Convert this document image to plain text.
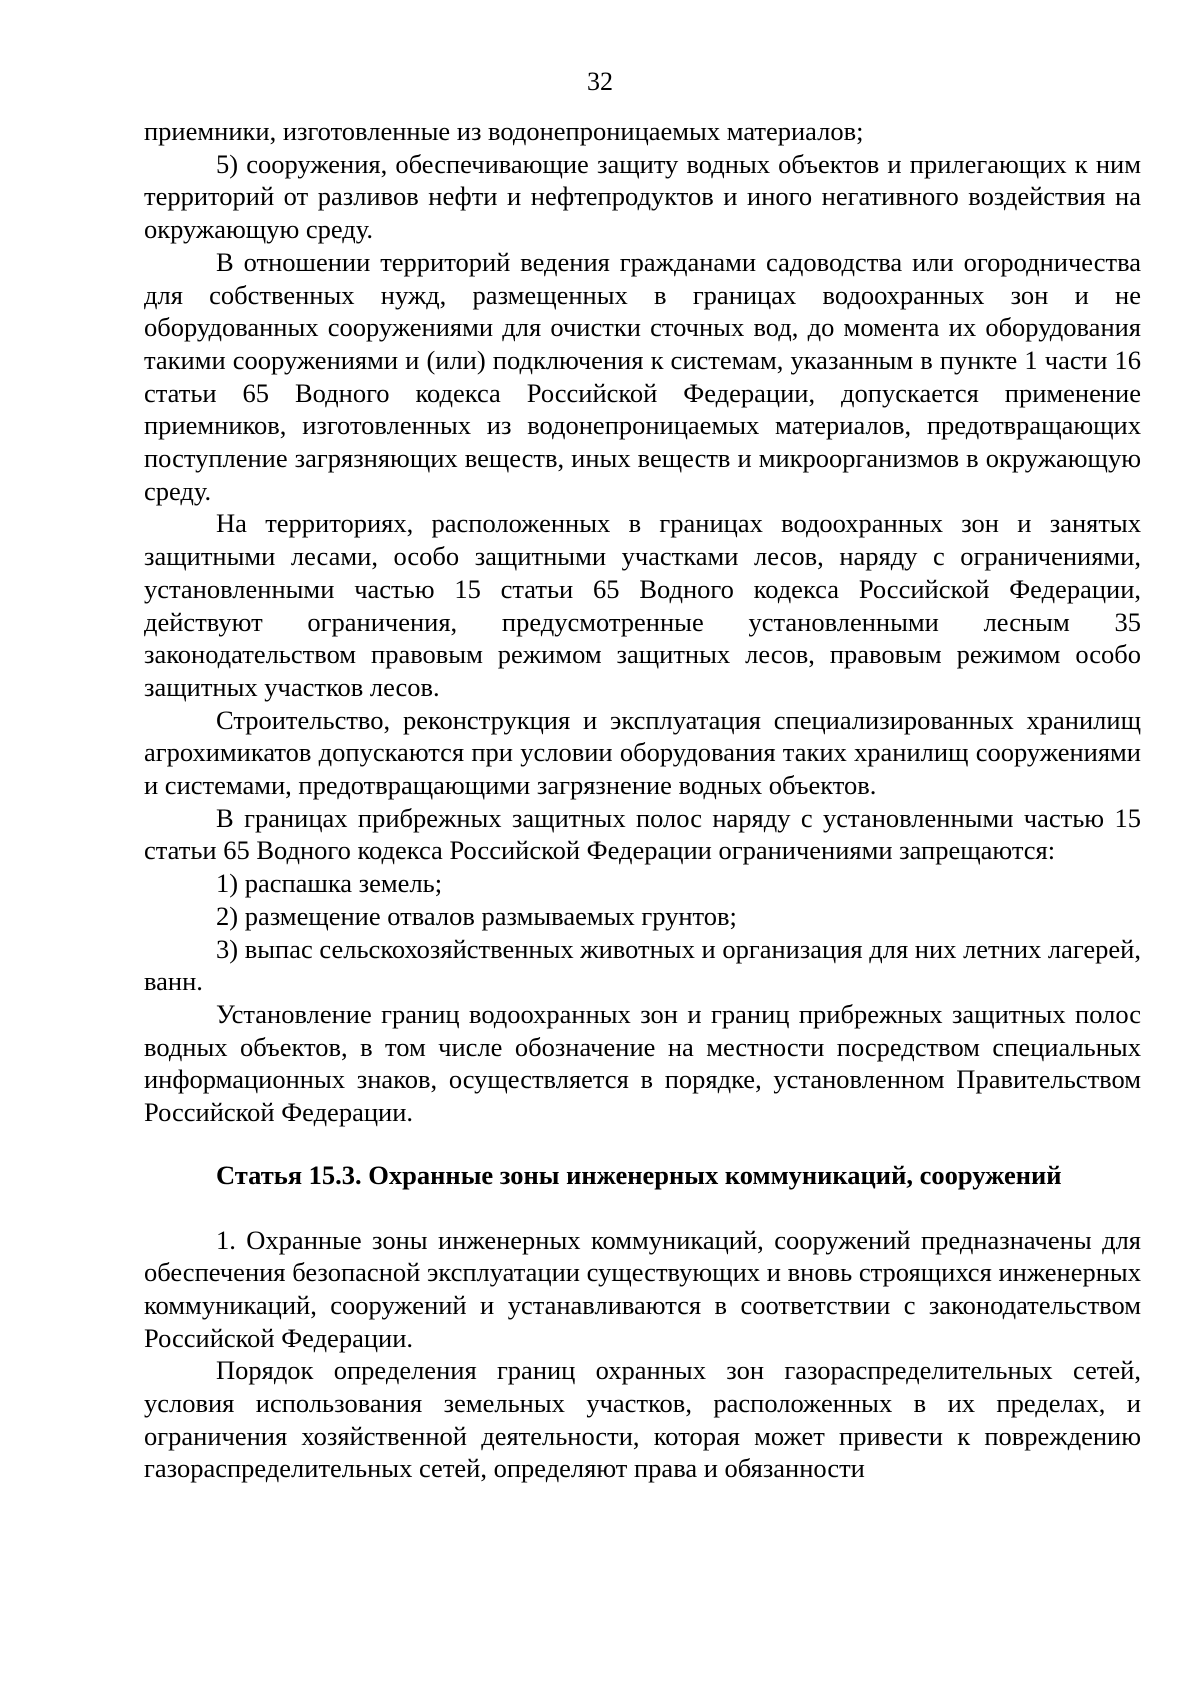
32

приемники, изготовленные из водонепроницаемых материалов;

5) сооружения, обеспечивающие защиту водных объектов и прилегающих к ним территорий от разливов нефти и нефтепродуктов и иного негативного воздействия на окружающую среду.

В отношении территорий ведения гражданами садоводства или огородничества для собственных нужд, размещенных в границах водоохранных зон и не оборудованных сооружениями для очистки сточных вод, до момента их оборудования такими сооружениями и (или) подключения к системам, указанным в пункте 1 части 16 статьи 65 Водного кодекса Российской Федерации, допускается применение приемников, изготовленных из водонепроницаемых материалов, предотвращающих поступление загрязняющих веществ, иных веществ и микроорганизмов в окружающую среду.

На территориях, расположенных в границах водоохранных зон и занятых защитными лесами, особо защитными участками лесов, наряду с ограничениями, установленными частью 15 статьи 65 Водного кодекса Российской Федерации, действуют ограничения, предусмотренные установленными лесным 35 законодательством правовым режимом защитных лесов, правовым режимом особо защитных участков лесов.

Строительство, реконструкция и эксплуатация специализированных хранилищ агрохимикатов допускаются при условии оборудования таких хранилищ сооружениями и системами, предотвращающими загрязнение водных объектов.

В границах прибрежных защитных полос наряду с установленными частью 15 статьи 65 Водного кодекса Российской Федерации ограничениями запрещаются:

1) распашка земель;

2) размещение отвалов размываемых грунтов;

3) выпас сельскохозяйственных животных и организация для них летних лагерей, ванн.

Установление границ водоохранных зон и границ прибрежных защитных полос водных объектов, в том числе обозначение на местности посредством специальных информационных знаков, осуществляется в порядке, установленном Правительством Российской Федерации.

Статья 15.3. Охранные зоны инженерных коммуникаций, сооружений

1. Охранные зоны инженерных коммуникаций, сооружений предназначены для обеспечения безопасной эксплуатации существующих и вновь строящихся инженерных коммуникаций, сооружений и устанавливаются в соответствии с законодательством Российской Федерации.

Порядок определения границ охранных зон газораспределительных сетей, условия использования земельных участков, расположенных в их пределах, и ограничения хозяйственной деятельности, которая может привести к повреждению газораспределительных сетей, определяют права и обязанности
